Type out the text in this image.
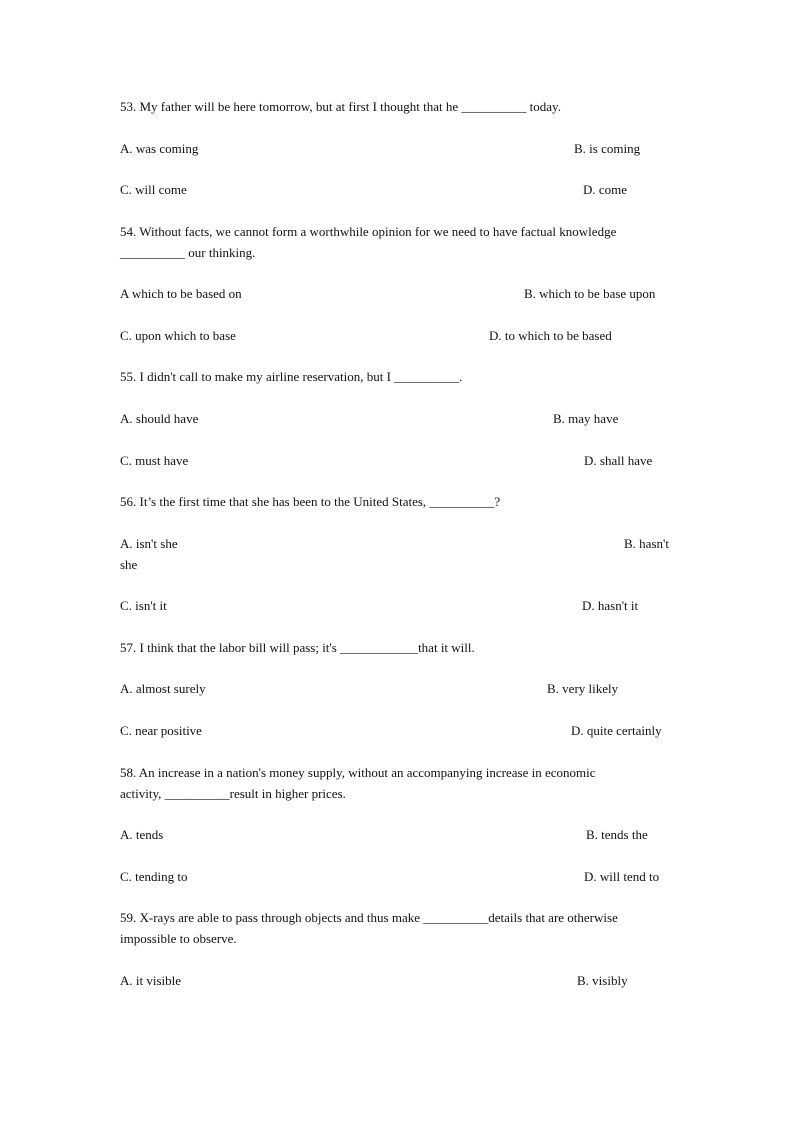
53. My father will be here tomorrow, but at first I thought that he __________ today.
A. was coming	B. is coming
C. will come	D. come
54. Without facts, we cannot form a worthwhile opinion for we need to have factual knowledge
__________ our thinking.
A which to be based on	B. which to be base upon
C. upon which to base	D. to which to be based
55. I didn't call to make my airline reservation, but I __________.
A. should have	B. may have
C. must have	D. shall have
56. It’s the first time that she has been to the United States, __________?
A. isn't she	B. hasn't
she
C. isn't it	D. hasn't it
57. I think that the labor bill will pass; it's ____________that it will.
A. almost surely	B. very likely
C. near positive	D. quite certainly
58. An increase in a nation's money supply, without an accompanying increase in economic
activity, __________result in higher prices.
A. tends	B. tends the
C. tending to	D. will tend to
59. X-rays are able to pass through objects and thus make __________details that are otherwise
impossible to observe.
A. it visible	B. visibly
